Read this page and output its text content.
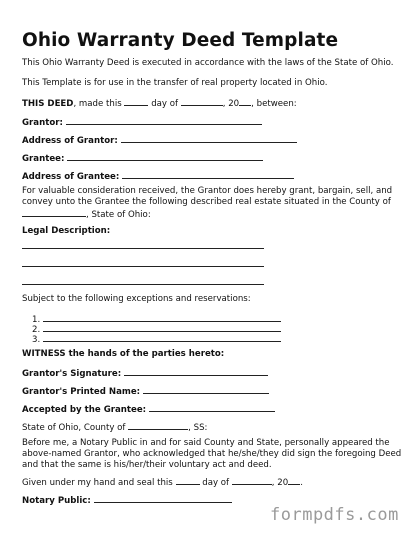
Ohio Warranty Deed Template
This Ohio Warranty Deed is executed in accordance with the laws of the State of Ohio.
This Template is for use in the transfer of real property located in Ohio.
THIS DEED, made this	day of	, 20 , between:
Grantor:
Address of Grantor:
Grantee:
Address of Grantee:
For valuable consideration received, the Grantor does hereby grant, bargain, sell, and
convey unto the Grantee the following described real estate situated in the County of
, State of Ohio:
Legal Description:
Subject to the following exceptions and reservations:
1.
2.
3.
WITNESS the hands of the parties hereto:
Grantor's Signature:
Grantor's Printed Name:
Accepted by the Grantee:
State of Ohio, County of	, SS:
Before me, a Notary Public in and for said County and State, personally appeared the
above-named Grantor, who acknowledged that he/she/they did sign the foregoing Deed
and that the same is his/her/their voluntary act and deed.
Given under my hand and seal this	day of	, 20 .
Notary Public:
formpdfs.com
